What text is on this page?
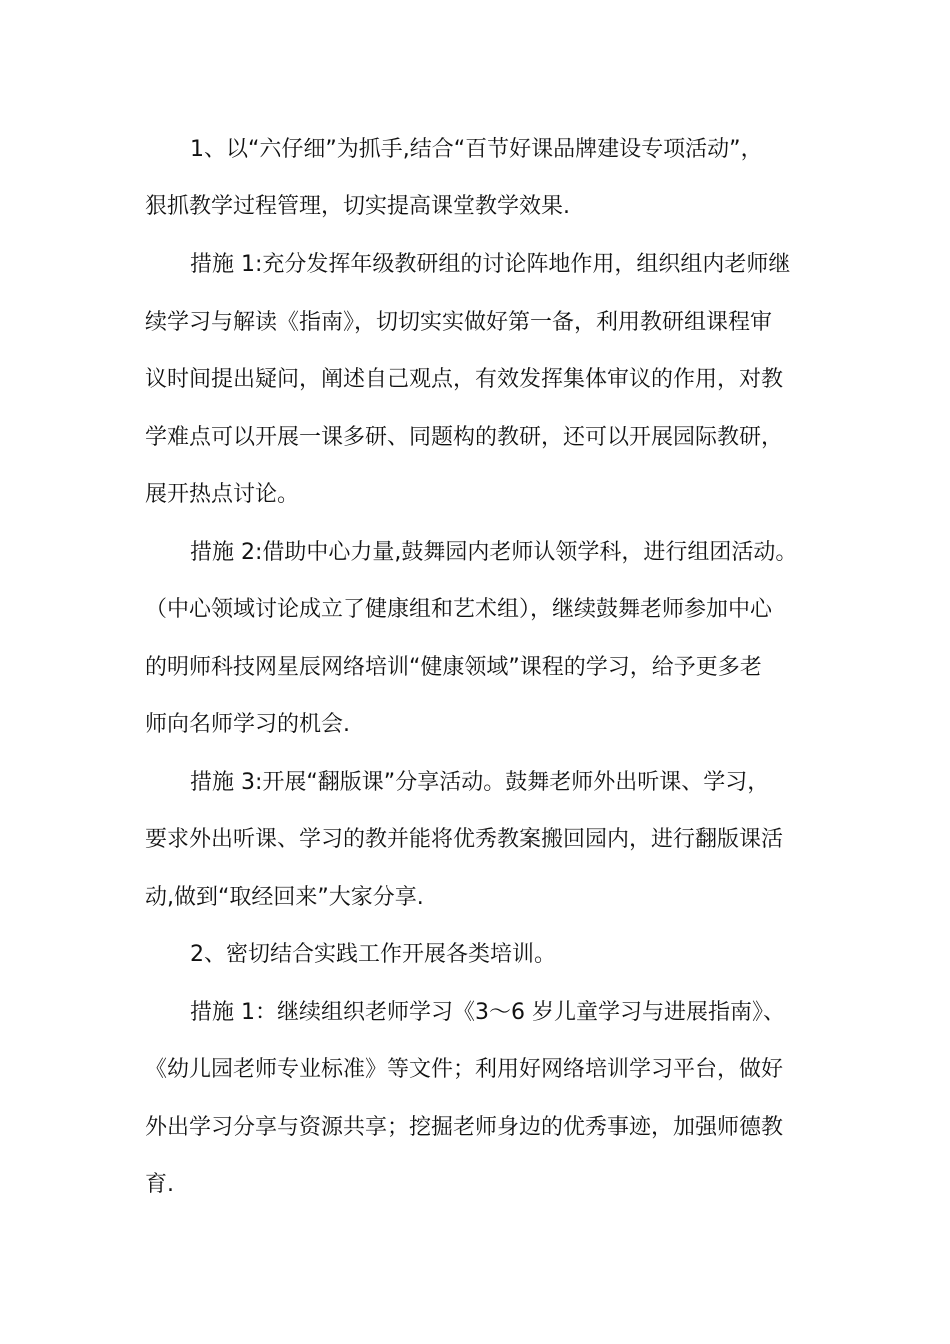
1、以“六仔细”为抓手,结合“百节好课品牌建设专项活动”，
狠抓教学过程管理，切实提高课堂教学效果.
措施 1:充分发挥年级教研组的讨论阵地作用，组织组内老师继
续学习与解读《指南》，切切实实做好第一备，利用教研组课程审
议时间提出疑问，阐述自己观点，有效发挥集体审议的作用，对教
学难点可以开展一课多研、同题构的教研，还可以开展园际教研，
展开热点讨论。
措施 2:借助中心力量,鼓舞园内老师认领学科，进行组团活动。
（中心领域讨论成立了健康组和艺术组），继续鼓舞老师参加中心
的明师科技网星辰网络培训“健康领域”课程的学习，给予更多老
师向名师学习的机会.
措施 3:开展“翻版课”分享活动。鼓舞老师外出听课、学习，
要求外出听课、学习的教并能将优秀教案搬回园内，进行翻版课活
动,做到“取经回来”大家分享.
2、密切结合实践工作开展各类培训。
措施 1：继续组织老师学习《3～6 岁儿童学习与进展指南》、
《幼儿园老师专业标准》等文件；利用好网络培训学习平台，做好
外出学习分享与资源共享；挖掘老师身边的优秀事迹，加强师德教
育.
